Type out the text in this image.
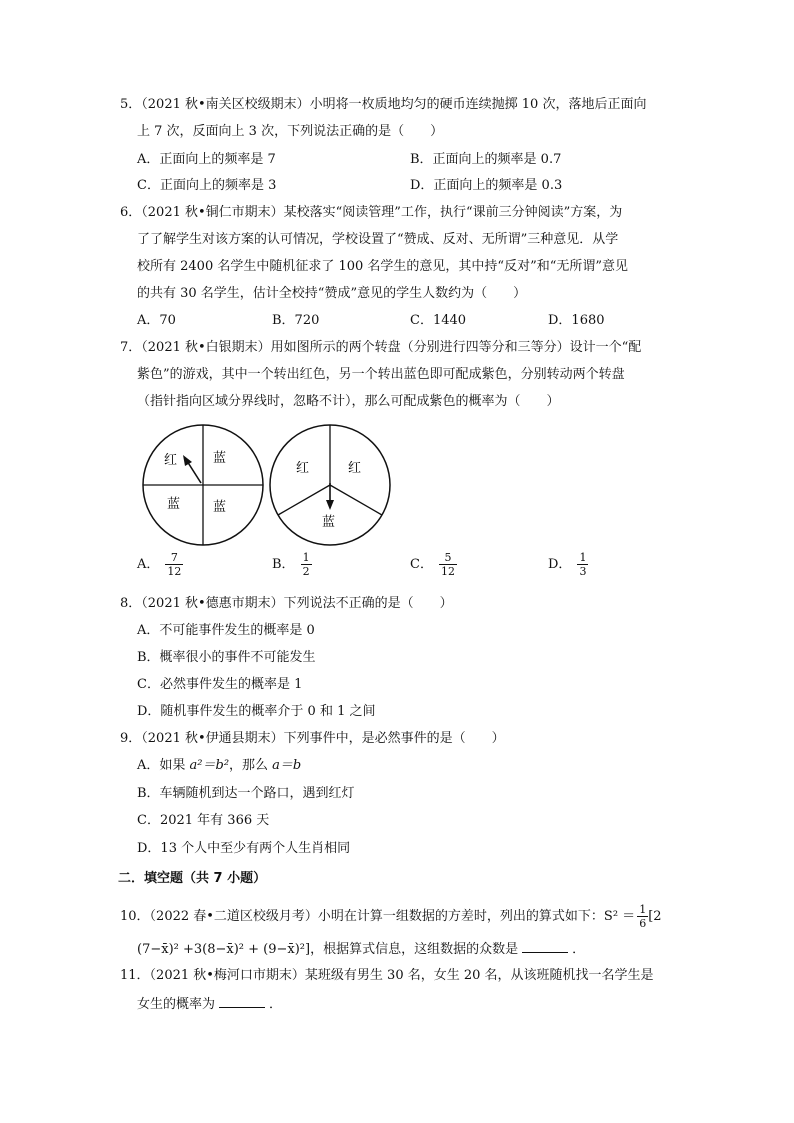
5．（2021 秋•南关区校级期末）小明将一枚质地均匀的硬币连续抛掷 10 次，落地后正面向
上 7 次，反面向上 3 次，下列说法正确的是（　　）
A．正面向上的频率是 7	B．正面向上的频率是 0.7
C．正面向上的频率是 3	D．正面向上的频率是 0.3
6．（2021 秋•铜仁市期末）某校落实“阅读管理”工作，执行“课前三分钟阅读”方案，为
了了解学生对该方案的认可情况，学校设置了“赞成、反对、无所谓”三种意见．从学
校所有 2400 名学生中随机征求了 100 名学生的意见，其中持“反对”和“无所谓”意见
的共有 30 名学生，估计全校持“赞成”意见的学生人数约为（　　）
A．70	B．720	C．1440	D．1680
7．（2021 秋•白银期末）用如图所示的两个转盘（分别进行四等分和三等分）设计一个“配
紫色”的游戏，其中一个转出红色，另一个转出蓝色即可配成紫色，分别转动两个转盘
（指针指向区域分界线时，忽略不计），那么可配成紫色的概率为（　　）
红	蓝
蓝	蓝
红	红
蓝
A． $\frac{7}{12}$	B． $\frac{1}{2}$	C． $\frac{5}{12}$	D． $\frac{1}{3}$
8．（2021 秋•德惠市期末）下列说法不正确的是（　　）
A．不可能事件发生的概率是 0
B．概率很小的事件不可能发生
C．必然事件发生的概率是 1
D．随机事件发生的概率介于 0 和 1 之间
9．（2021 秋•伊通县期末）下列事件中，是必然事件的是（　　）
A．如果 a²＝b²，那么 a＝b
B．车辆随机到达一个路口，遇到红灯
C．2021 年有 366 天
D．13 个人中至少有两个人生肖相同
二．填空题（共 7 小题）
10．（2022 春•二道区校级月考）小明在计算一组数据的方差时，列出的算式如下：$S^2 = \frac{1}{6} [2$
(7−x̄)² +3(8−x̄)² + (9−x̄)²]，根据算式信息，这组数据的众数是	．
11．（2021 秋•梅河口市期末）某班级有男生 30 名，女生 20 名，从该班随机找一名学生是
女生的概率为	．
